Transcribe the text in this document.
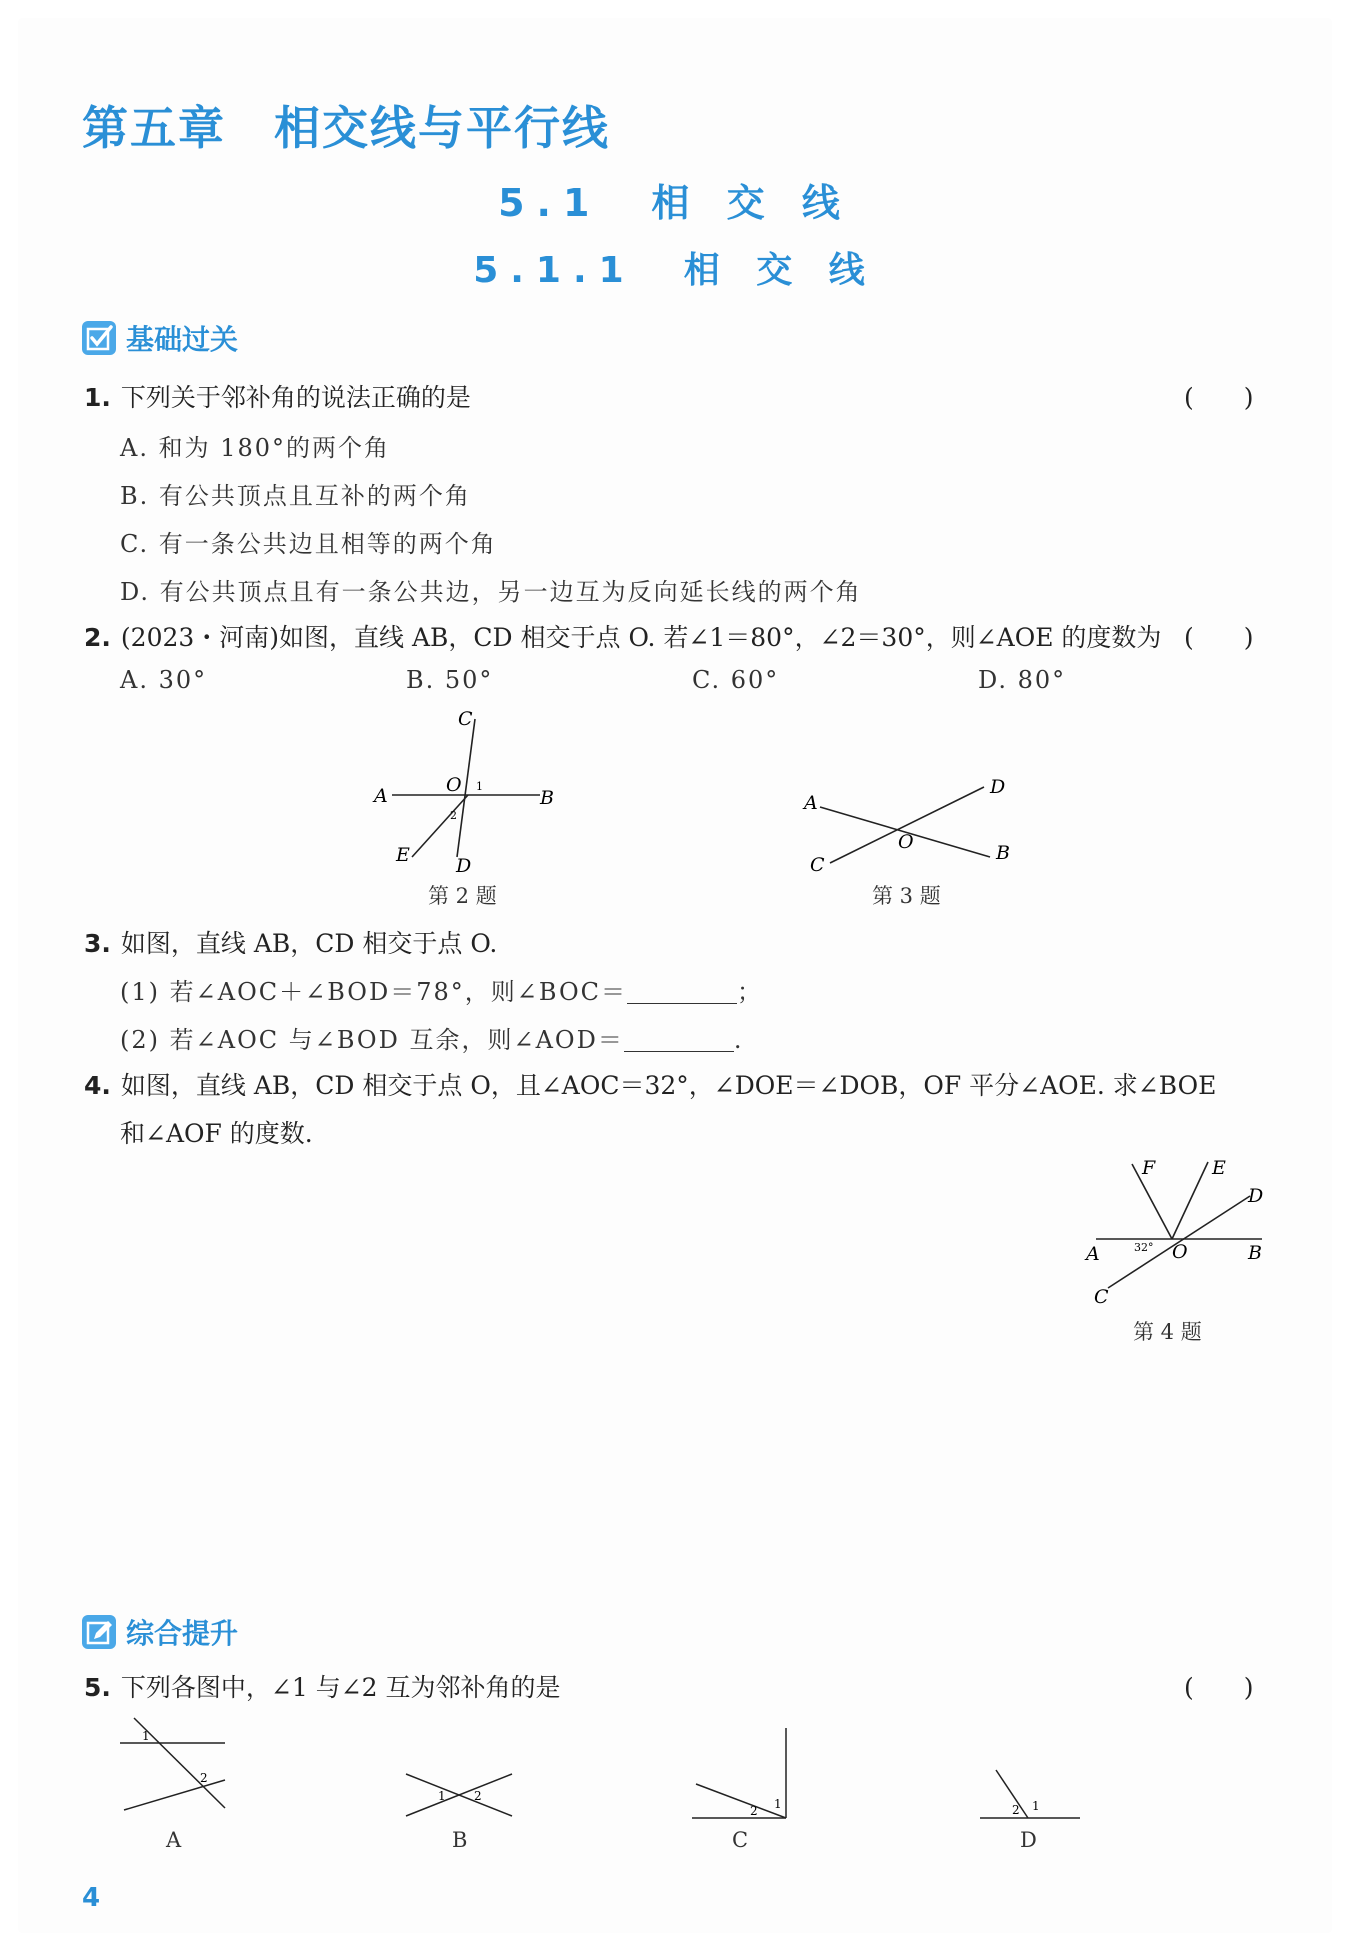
第五章 相交线与平行线
5.1　相 交 线
5.1.1　相 交 线
基础过关
1. 下列关于邻补角的说法正确的是	(　　)
A. 和为 180°的两个角
B. 有公共顶点且互补的两个角
C. 有一条公共边且相等的两个角
D. 有公共顶点且有一条公共边，另一边互为反向延长线的两个角
2. (2023・河南)如图，直线 AB，CD 相交于点 O. 若∠1＝80°，∠2＝30°，则∠AOE 的度数为 (　　)
A. 30°	B. 50°	C. 60°	D. 80°
A	B
C
D
E
O 1
2
第 2 题
A
B
C
D
O
第 3 题
3. 如图，直线 AB，CD 相交于点 O.
(1) 若∠AOC＋∠BOD＝78°，则∠BOC＝	；
(2) 若∠AOC 与∠BOD 互余，则∠AOD＝	.
4. 如图，直线 AB，CD 相交于点 O，且∠AOC＝32°，∠DOE＝∠DOB，OF 平分∠AOE. 求∠BOE
和∠AOF 的度数.
A	B
C
D
E
F
O
32°
第 4 题
综合提升
5. 下列各图中，∠1 与∠2 互为邻补角的是	(　　)
1
2
A
1 2
B
1
2
C
1
2
D
4
